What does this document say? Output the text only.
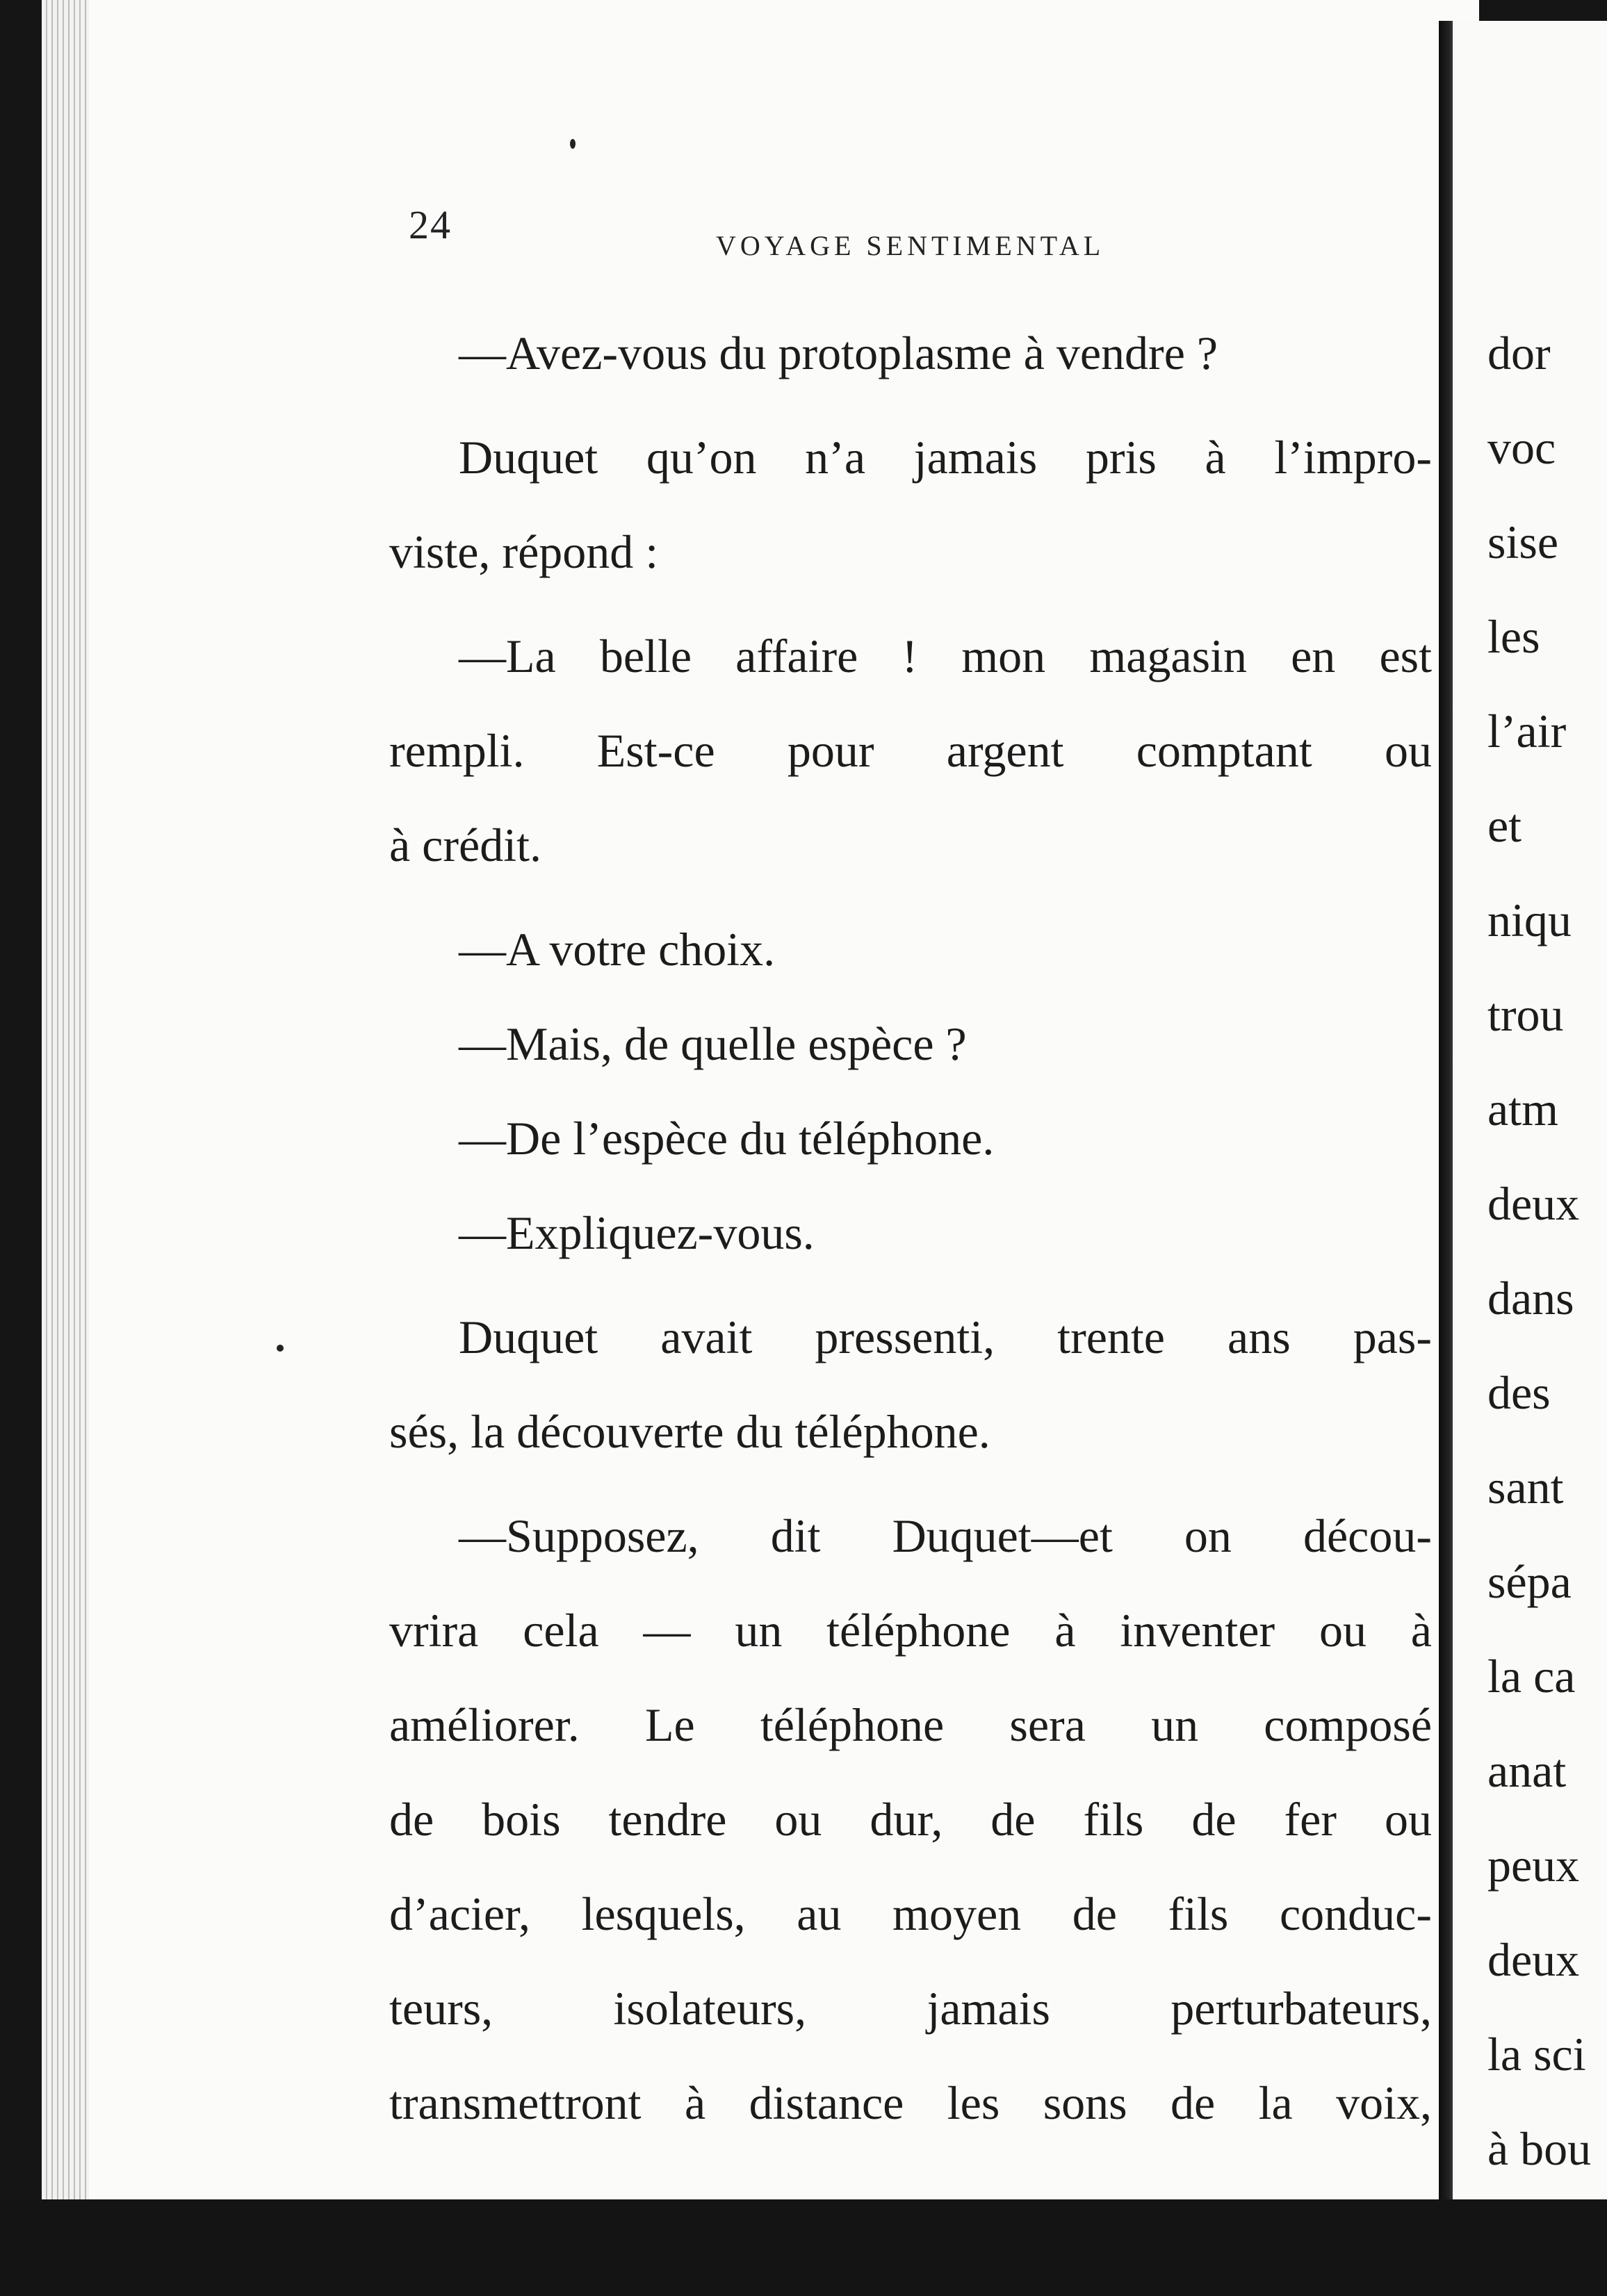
24	VOYAGE SENTIMENTAL
—Avez-vous du protoplasme à vendre ?
Duquet qu’on n’a jamais pris à l’impro-
viste, répond :
—La belle affaire ! mon magasin en est
rempli. Est-ce pour argent comptant ou
à crédit.
—A votre choix.
—Mais, de quelle espèce ?
—De l’espèce du téléphone.
—Expliquez-vous.
Duquet avait pressenti, trente ans pas-
sés, la découverte du téléphone.
—Supposez, dit Duquet—et on décou-
vrira cela — un téléphone à inventer ou à
améliorer. Le téléphone sera un composé
de bois tendre ou dur, de fils de fer ou
d’acier, lesquels, au moyen de fils conduc-
teurs, isolateurs, jamais perturbateurs,
transmettront à distance les sons de la voix,
dor
voc
sise
les
l’air
et
niqu
trou
atm
deux
dans
des
sant
sépa
la ca
anat
peux
deux
la sci
à bou
